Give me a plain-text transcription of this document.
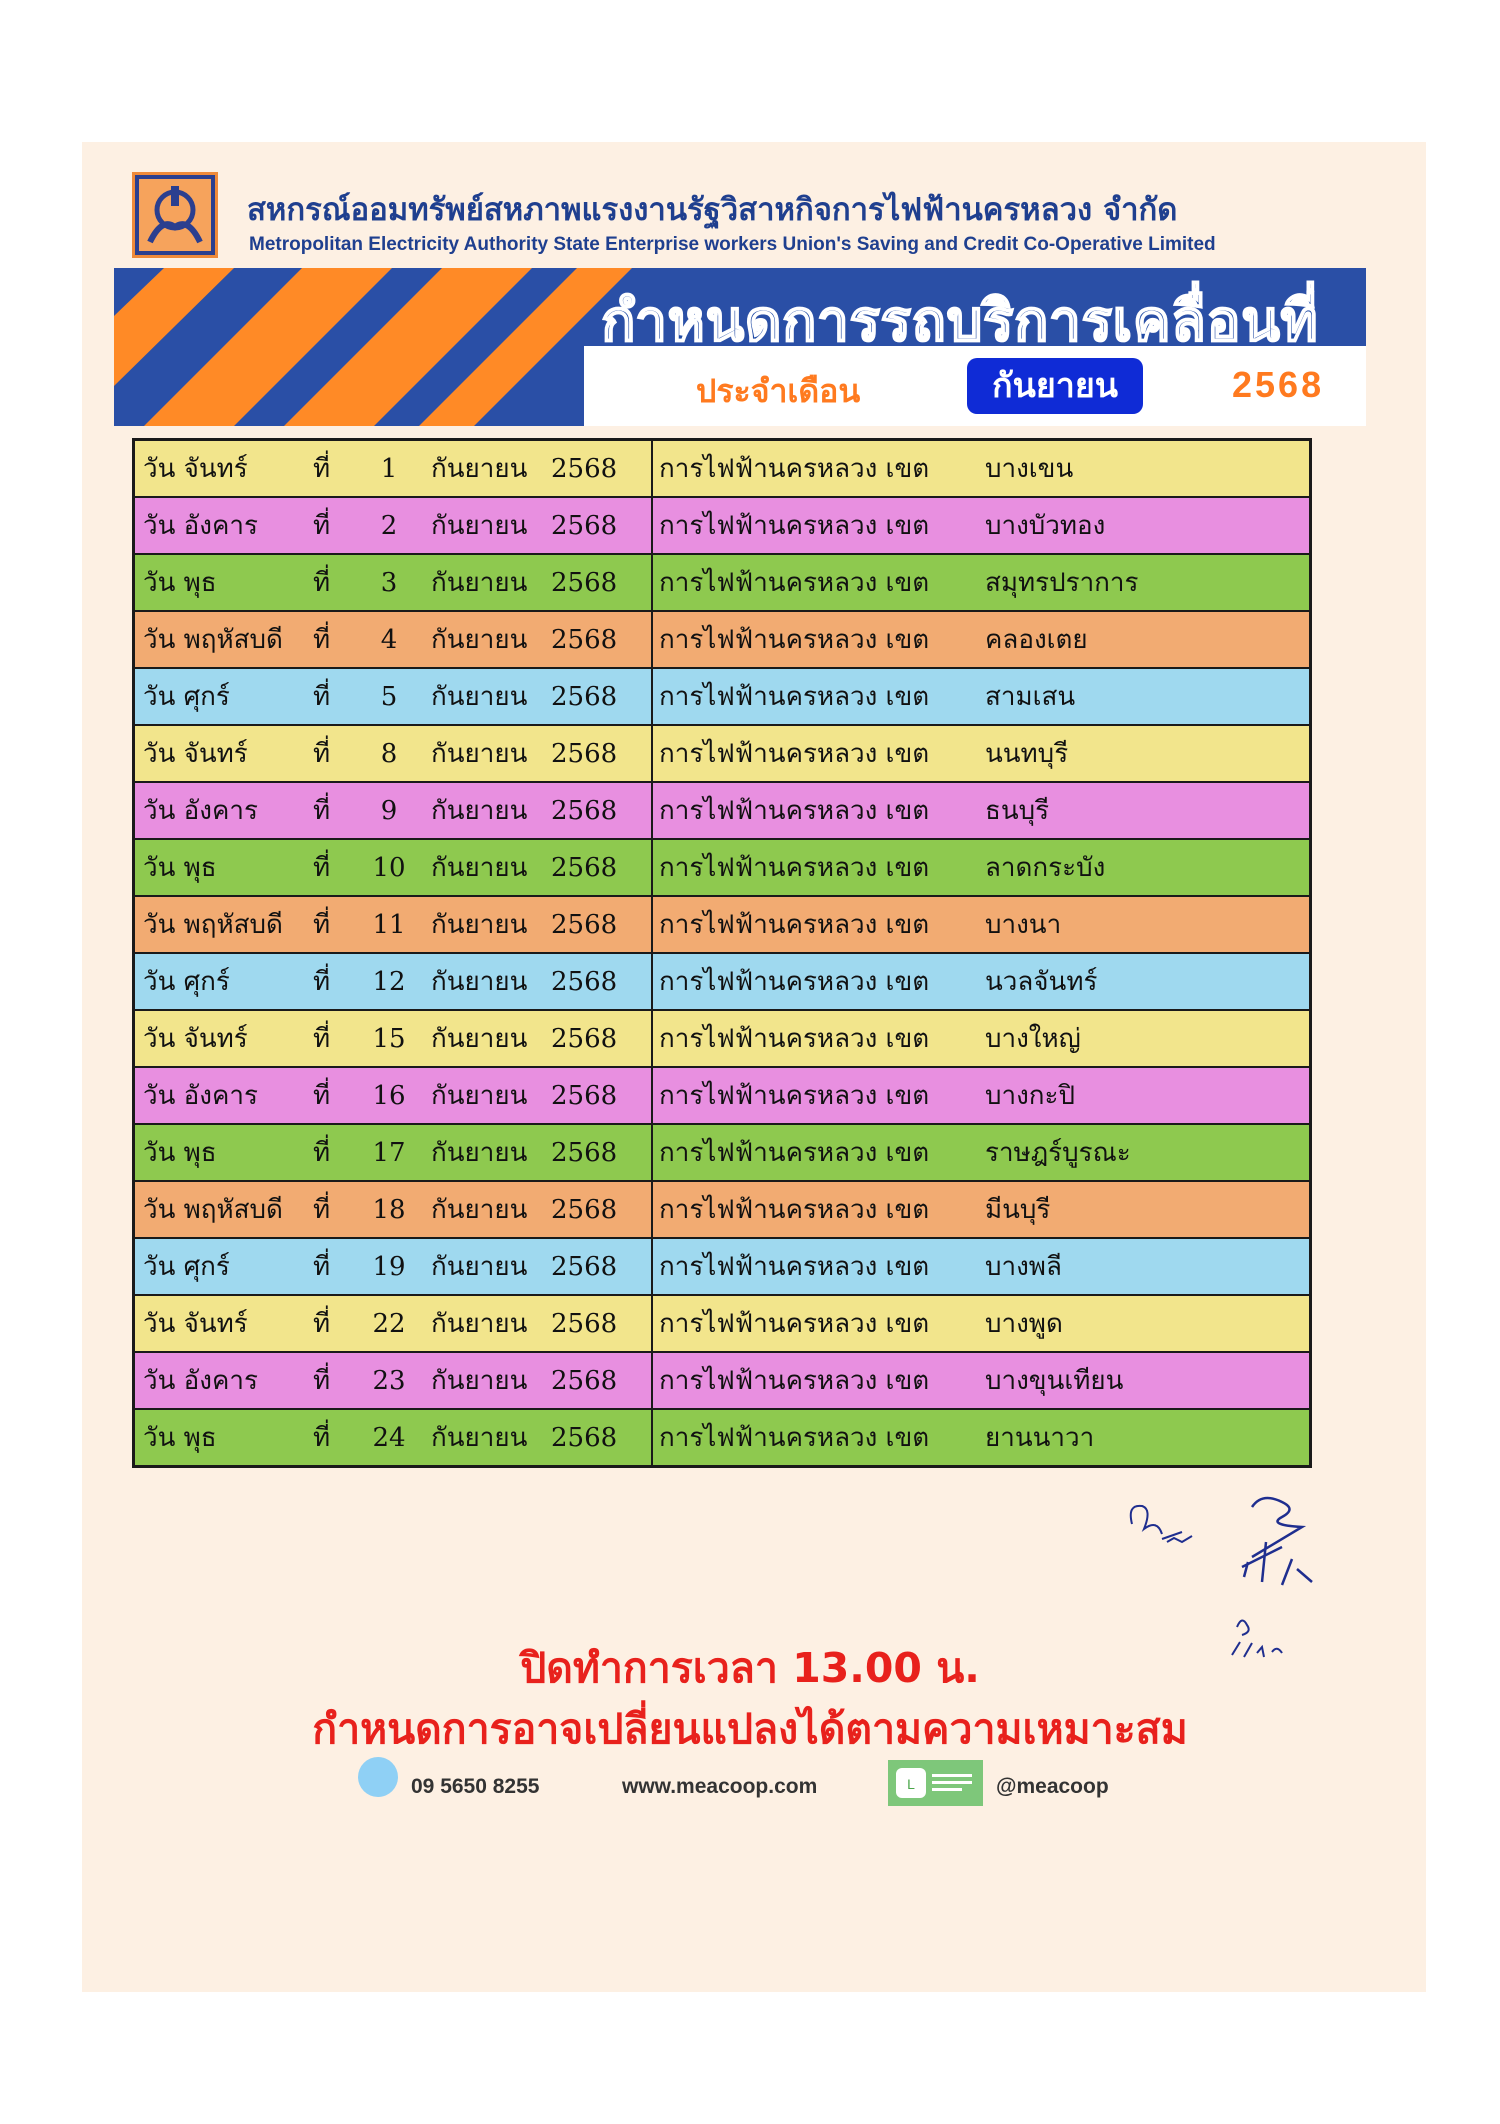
สหกรณ์ออมทรัพย์สหภาพแรงงานรัฐวิสาหกิจการไฟฟ้านครหลวง จำกัด
Metropolitan Electricity Authority State Enterprise workers Union's Saving and Credit Co-Operative Limited
กำหนดการรถบริการเคลื่อนที่
ประจำเดือน	กันยายน	2568
วัน จันทร์	ที่	1	กันยายน	2568	การไฟฟ้านครหลวง เขต	บางเขน
วัน อังคาร	ที่	2	กันยายน	2568	การไฟฟ้านครหลวง เขต	บางบัวทอง
วัน พุธ	ที่	3	กันยายน	2568	การไฟฟ้านครหลวง เขต	สมุทรปราการ
วัน พฤหัสบดี	ที่	4	กันยายน	2568	การไฟฟ้านครหลวง เขต	คลองเตย
วัน ศุกร์	ที่	5	กันยายน	2568	การไฟฟ้านครหลวง เขต	สามเสน
วัน จันทร์	ที่	8	กันยายน	2568	การไฟฟ้านครหลวง เขต	นนทบุรี
วัน อังคาร	ที่	9	กันยายน	2568	การไฟฟ้านครหลวง เขต	ธนบุรี
วัน พุธ	ที่	10	กันยายน	2568	การไฟฟ้านครหลวง เขต	ลาดกระบัง
วัน พฤหัสบดี	ที่	11	กันยายน	2568	การไฟฟ้านครหลวง เขต	บางนา
วัน ศุกร์	ที่	12	กันยายน	2568	การไฟฟ้านครหลวง เขต	นวลจันทร์
วัน จันทร์	ที่	15	กันยายน	2568	การไฟฟ้านครหลวง เขต	บางใหญ่
วัน อังคาร	ที่	16	กันยายน	2568	การไฟฟ้านครหลวง เขต	บางกะปิ
วัน พุธ	ที่	17	กันยายน	2568	การไฟฟ้านครหลวง เขต	ราษฎร์บูรณะ
วัน พฤหัสบดี	ที่	18	กันยายน	2568	การไฟฟ้านครหลวง เขต	มีนบุรี
วัน ศุกร์	ที่	19	กันยายน	2568	การไฟฟ้านครหลวง เขต	บางพลี
วัน จันทร์	ที่	22	กันยายน	2568	การไฟฟ้านครหลวง เขต	บางพูด
วัน อังคาร	ที่	23	กันยายน	2568	การไฟฟ้านครหลวง เขต	บางขุนเทียน
วัน พุธ	ที่	24	กันยายน	2568	การไฟฟ้านครหลวง เขต	ยานนาวา
ปิดทำการเวลา 13.00 น.
กำหนดการอาจเปลี่ยนแปลงได้ตามความเหมาะสม
09 5650 8255	www.meacoop.com	L	@meacoop
